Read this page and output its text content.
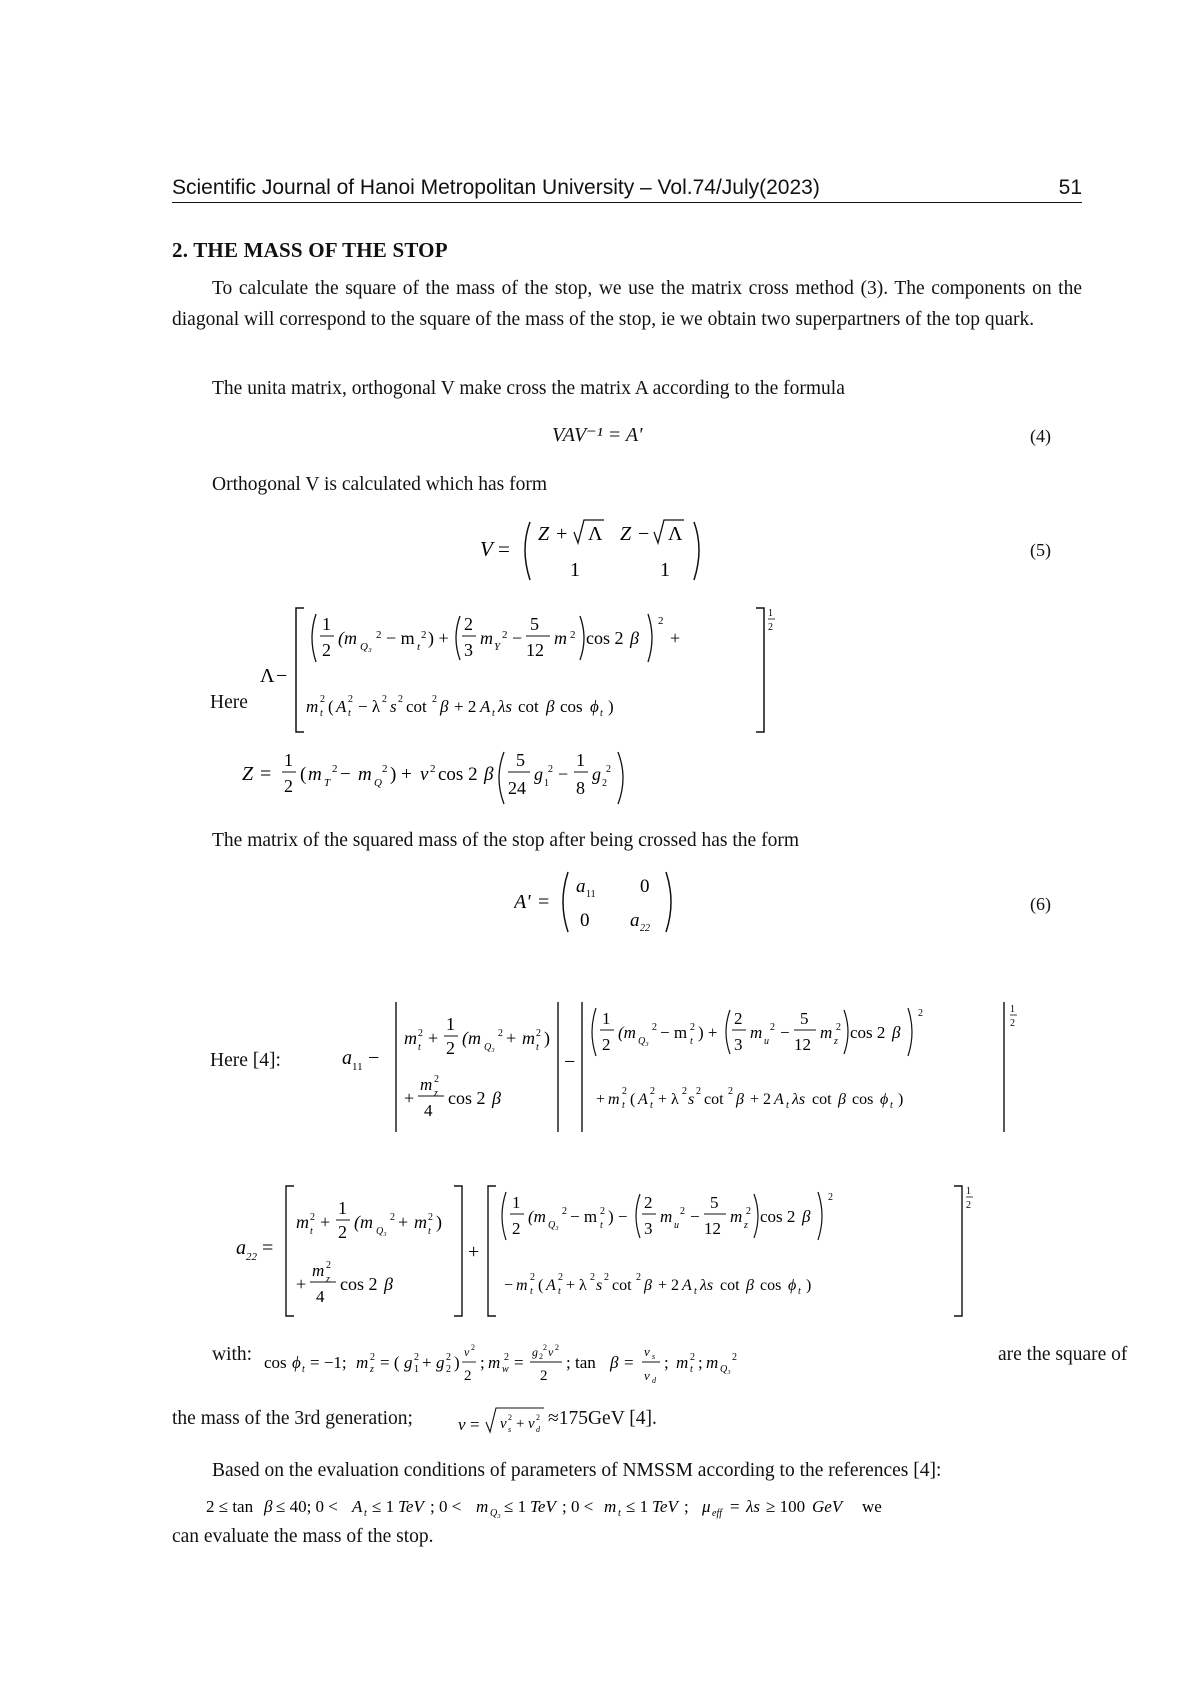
Scientific Journal of Hanoi Metropolitan University – Vol.74/July(2023)	51
2. THE MASS OF THE STOP
To calculate the square of the mass of the stop, we use the matrix cross method (3). The components on the diagonal will correspond to the square of the mass of the stop, ie we obtain two superpartners of the top quark.
The unita matrix, orthogonal V make cross the matrix A according to the formula
VAV⁻¹ = A'	(4)
Orthogonal V is calculated which has form
V =
Z + Λ Z − Λ
1	1
(5)
Here
Λ −
1
2
(m Q₃
2 − m t
2 ) +
2
3
m Y
2 −
5
12
m 2 cos 2 β
2
+
m t
2 ( A t
2 − λ 2 s 2 cot 2 β + 2 A t λs cot β cos ϕ t )
1
2
Z =
1
2
( m T
2 − m Q
2 ) + v 2 cos 2 β
5
24
g 1
2 −
1
8
g 2
2
The matrix of the squared mass of the stop after being crossed has the form
A' =
a 11 0
0 a 22
(6)
Here [4]:	a 11 −
m t
2 +
1
2 (m Q₃
2 + m t
2 )
+
m z
2
4
cos 2 β
−
1
2
(m Q₃
2 − m t
2 ) +
2
3
m u
2 −
5
12
m z
2 cos 2 β
2
+ m t
2 ( A t
2 + λ 2 s 2 cot 2 β + 2 A t λs cot β cos ϕ t )
1
2
a 22 =
m t
2 +
1
2 (m Q₃
2 + m t
2 )
+
m z
2
4
cos 2 β
+
1
2
(m Q₃
2 − m t
2 ) −
2
3
m u
2 −
5
12
m z
2 cos 2 β
2
− m t
2 ( A t
2 + λ 2 s 2 cot 2 β + 2 A t λs cot β cos ϕ t )
1
2
with: cos ϕ t = −1; m z
2 = ( g 1
2 + g 2
2 )
v 2
2
; m w
2 =
g 2
2 v 2
2
; tan β =
v s
v d
; m t
2 ; m Q₃
2	are the square of
the mass of the 3rd generation;	v = v s
2 + v d
2 ≈175GeV [4].
Based on the evaluation conditions of parameters of NMSSM according to the references [4]:
2 ≤ tan β ≤ 40; 0 < A t ≤ 1 TeV ; 0 < m Q₃ ≤ 1 TeV ; 0 < m t ≤ 1 TeV ; μ eff = λs ≥ 100 GeV we
can evaluate the mass of the stop.
